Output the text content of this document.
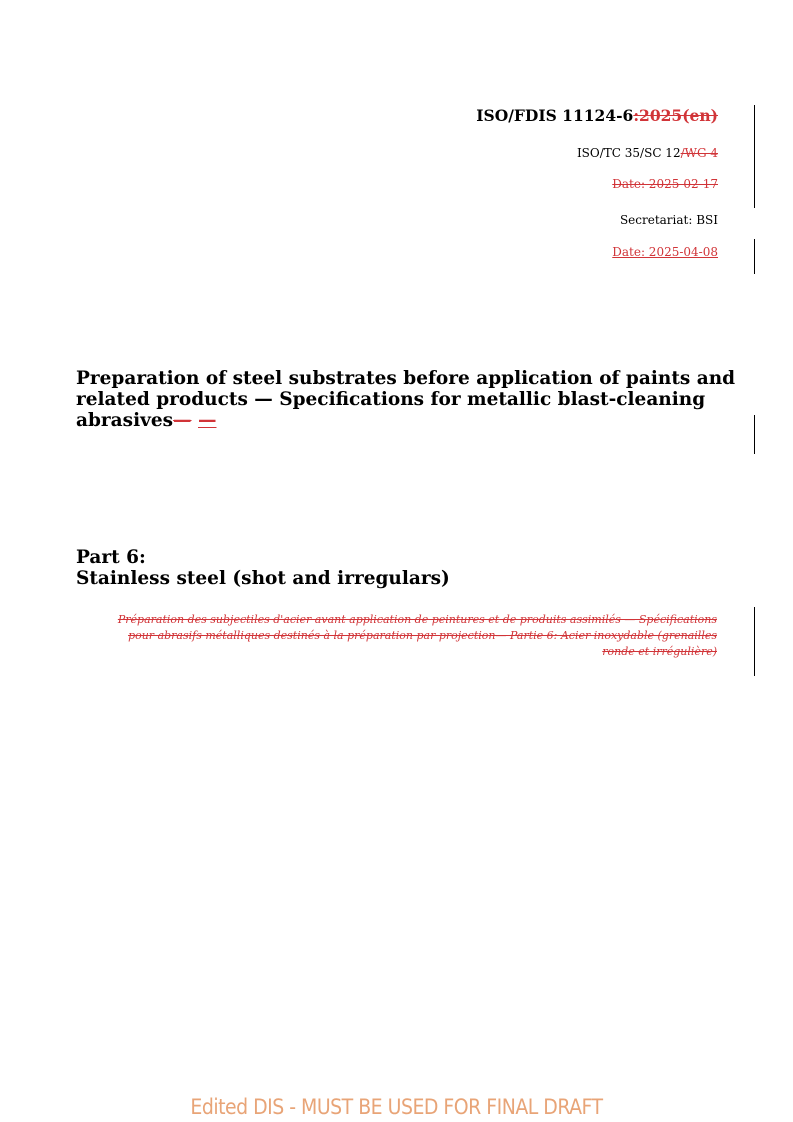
ISO/FDIS 11124-6:2025(en)
ISO/TC 35/SC 12/WG 4
Date: 2025-02-17
Secretariat: BSI
Date: 2025-04-08
Preparation of steel substrates before application of paints and related products — Specifications for metallic blast-cleaning abrasives— —
Part 6:
Stainless steel (shot and irregulars)
Préparation des subjectiles d'acier avant application de peintures et de produits assimilés — Spécifications pour abrasifs métalliques destinés à la préparation par projection— Partie 6: Acier inoxydable (grenailles ronde et irrégulière)
Edited DIS - MUST BE USED FOR FINAL DRAFT
